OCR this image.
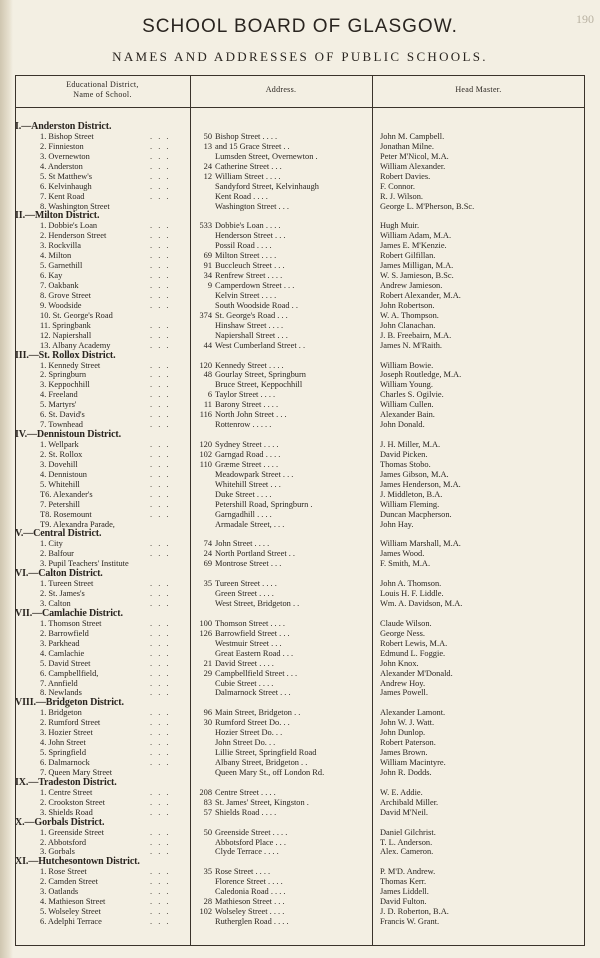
190
SCHOOL BOARD OF GLASGOW.
NAMES AND ADDRESSES OF PUBLIC SCHOOLS.
Educational District,
Name of School.
Address.	Head Master.
I.—Anderston District.
1. Bishop Street	. . .	50 Bishop Street . . . .	John M. Campbell.
2. Finnieston	. . .	13 and 15 Grace Street . .	Jonathan Milne.
3. Overnewton	. . .	Lumsden Street, Overnewton .	Peter M'Nicol, M.A.
4. Anderston	. . .	24 Catherine Street . . .	William Alexander.
5. St Matthew's	. . .	12 William Street . . . .	Robert Davies.
6. Kelvinhaugh	. . .	Sandyford Street, Kelvinhaugh	F. Connor.
7. Kent Road	. . .	Kent Road . . . .	R. J. Wilson.
8. Washington Street	Washington Street . . .	George L. M'Pherson, B.Sc.
II.—Milton District.
1. Dobbie's Loan	. . .	533 Dobbie's Loan . . . .	Hugh Muir.
2. Henderson Street	. . .	Henderson Street . . .	William Adam, M.A.
3. Rockvilla	. . .	Possil Road . . . .	James E. M'Kenzie.
4. Milton	. . .	69 Milton Street . . . .	Robert Gilfillan.
5. Garnethill	. . .	91 Buccleuch Street . . .	James Milligan, M.A.
6. Kay	. . .	34 Renfrew Street . . . .	W. S. Jamieson, B.Sc.
7. Oakbank	. . .	9 Camperdown Street . . .	Andrew Jamieson.
8. Grove Street	. . .	Kelvin Street . . . .	Robert Alexander, M.A.
9. Woodside	. . .	South Woodside Road . .	John Robertson.
10. St. George's Road	374 St. George's Road . . .	W. A. Thompson.
11. Springbank	. . .	Hinshaw Street . . . .	John Clanachan.
12. Napiershall	. . .	Napiershall Street . . .	J. B. Freebairn, M.A.
13. Albany Academy	. . .	44 West Cumberland Street . .	James N. M'Raith.
III.—St. Rollox District.
1. Kennedy Street	. . .	120 Kennedy Street . . . .	William Bowie.
2. Springburn	. . .	48 Gourlay Street, Springburn	Joseph Routledge, M.A.
3. Keppochhill	. . .	Bruce Street, Keppochhill	William Young.
4. Freeland	. . .	6 Taylor Street . . . .	Charles S. Ogilvie.
5. Martyrs'	. . .	11 Barony Street . . . .	William Cullen.
6. St. David's	. . .	116 North John Street . . .	Alexander Bain.
7. Townhead	. . .	Rottenrow . . . . .	John Donald.
IV.—Dennistoun District.
1. Wellpark	. . .	120 Sydney Street . . . .	J. H. Miller, M.A.
2. St. Rollox	. . .	102 Garngad Road . . . .	David Picken.
3. Dovehill	. . .	110 Græme Street . . . .	Thomas Stobo.
4. Dennistoun	. . .	Meadowpark Street . . .	James Gibson, M.A.
5. Whitehill	. . .	Whitehill Street . . .	James Henderson, M.A.
T6. Alexander's	. . .	Duke Street . . . .	J. Middleton, B.A.
7. Petershill	. . .	Petershill Road, Springburn .	William Fleming.
T8. Rosemount	. . .	Garngadhill . . . .	Duncan Macpherson.
T9. Alexandra Parade,	Armadale Street, . . .	John Hay.
V.—Central District.
1. City	. . .	74 John Street . . . .	William Marshall, M.A.
2. Balfour	. . .	24 North Portland Street . .	James Wood.
3. Pupil Teachers' Institute	69 Montrose Street . . .	F. Smith, M.A.
VI.—Calton District.
1. Tureen Street	. . .	35 Tureen Street . . . .	John A. Thomson.
2. St. James's	. . .	Green Street . . . .	Louis H. F. Liddle.
3. Calton	. . .	West Street, Bridgeton . .	Wm. A. Davidson, M.A.
VII.—Camlachie District.
1. Thomson Street	. . .	100 Thomson Street . . . .	Claude Wilson.
2. Barrowfield	. . .	126 Barrowfield Street . . .	George Ness.
3. Parkhead	. . .	Westmuir Street . . .	Robert Lewis, M.A.
4. Camlachie	. . .	Great Eastern Road . . .	Edmund L. Foggie.
5. David Street	. . .	21 David Street . . . .	John Knox.
6. Campbellfield,	. . .	29 Campbellfield Street . . .	Alexander M'Donald.
7. Annfield	. . .	Cubie Street . . . .	Andrew Hoy.
8. Newlands	. . .	Dalmarnock Street . . .	James Powell.
VIII.—Bridgeton District.
1. Bridgeton	. . .	96 Main Street, Bridgeton . .	Alexander Lamont.
2. Rumford Street	. . .	30 Rumford Street Do. . .	John W. J. Watt.
3. Hozier Street	. . .	Hozier Street Do. . .	John Dunlop.
4. John Street	. . .	John Street Do. . .	Robert Paterson.
5. Springfield	. . .	Lillie Street, Springfield Road	James Brown.
6. Dalmarnock	. . .	Albany Street, Bridgeton . .	William Macintyre.
7. Queen Mary Street	Queen Mary St., off London Rd.	John R. Dodds.
IX.—Tradeston District.
1. Centre Street	. . .	208 Centre Street . . . .	W. E. Addie.
2. Crookston Street	. . .	83 St. James' Street, Kingston .	Archibald Miller.
3. Shields Road	. . .	57 Shields Road . . . .	David M'Neil.
X.—Gorbals District.
1. Greenside Street	. . .	50 Greenside Street . . . .	Daniel Gilchrist.
2. Abbotsford	. . .	Abbotsford Place . . .	T. L. Anderson.
3. Gorbals	. . .	Clyde Terrace . . . .	Alex. Cameron.
XI.—Hutchesontown District.
1. Rose Street	. . .	35 Rose Street . . . .	P. M'D. Andrew.
2. Camden Street	. . .	Florence Street . . . .	Thomas Kerr.
3. Oatlands	. . .	Caledonia Road . . . .	James Liddell.
4. Mathieson Street	. . .	28 Mathieson Street . . .	David Fulton.
5. Wolseley Street	. . .	102 Wolseley Street . . . .	J. D. Roberton, B.A.
6. Adelphi Terrace	. . .	Rutherglen Road . . . .	Francis W. Grant.
